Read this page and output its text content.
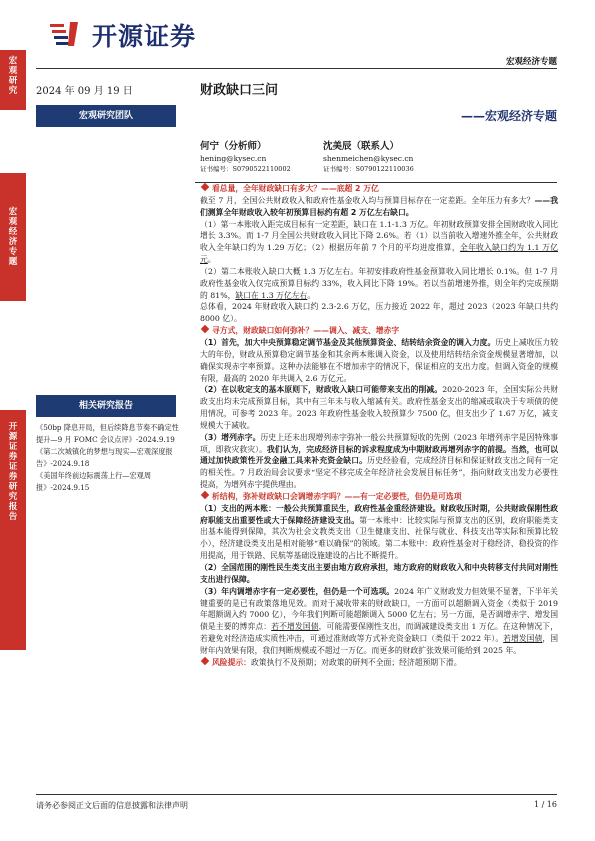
宏观研究
宏观经济专题
开源证券 证券研究报告
开源证券
宏观经济专题
2024 年 09 月 19 日	财政缺口三问
宏观研究团队	——宏观经济专题
何宁（分析师）
hening@kysec.cn
证书编号：S0790522110002
沈美辰（联系人）
shenmeichen@kysec.cn
证书编号：S0790122110036
相关研究报告
《50bp 降息开局，但后续降息节奏不确定性提升—9 月 FOMC 会议点评》-2024.9.19
《第二次城镇化的梦想与现实—宏观深度报告》-2024.9.18
《美国年终前边际震荡上行—宏观周报》-2024.9.15

看总量，全年财政缺口有多大？——底超 2 万亿

截至 7 月，全国公共财政收入和政府性基金收入均与预算目标存在一定差距。全年压力有多大？——我们测算全年财政收入较年初预算目标约有超 2 万亿左右缺口。

（1）第一本账收入距完成目标有一定差距，缺口在 1.1-1.3 万亿。年初财政预算安排全国财政收入同比增长 3.3%。而 1-7 月全国公共财政收入同比下降 2.6%。若（1）以当前收入增速外推全年，公共财政收入全年缺口约为 1.29 万亿；（2）根据历年前 7 个月的平均进度推算，全年收入缺口约为 1.1 万亿元。

（2）第二本账收入缺口大概 1.3 万亿左右。年初安排政府性基金预算收入同比增长 0.1%。但 1-7 月政府性基金收入仅完成预算目标约 33%，收入同比下降 19%。若以当前增速外推，则全年约完成预期的 81%，缺口在 1.3 万亿左右。

总体看，2024 年财政收入缺口约 2.3-2.6 万亿，压力接近 2022 年，超过 2023（2023 年缺口共约 8000 亿）。

寻方式，财政缺口如何弥补？——调入、减支、增赤字

（1）首先，加大中央预算稳定调节基金及其他预算资金、结转结余资金的调入力度。历史上减收压力较大的年份，财政从预算稳定调节基金和其余两本账调入资金，以及使用结转结余资金规模显著增加，以确保实现赤字率预算。这种办法能够在不增加赤字的情况下，保证相应的支出力度。但调入资金的规模有限，最高的 2020 年共调入 2.6 万亿元。

（2）在以收定支的基本原则下，财政收入缺口可能带来支出的削减。2020-2023 年，全国实际公共财政支出均未完成预算目标，其中有三年未与收入缩减有关。政府性基金支出的缩减或取决于专项债的使用情况，可参考 2023 年。2023 年政府性基金收入较预算少 7500 亿，但支出少了 1.67 万亿，减支规模大于减收。

（3）增列赤字。历史上还未出现增列赤字弥补一般公共预算短收的先例（2023 年增列赤字是因特殊事项，即救灾救灾）。我们认为，完成经济目标的诉求程度成为中期财政再增列赤字的前提。当然，也可以通过加快政策性开发金融工具来补充资金缺口。历史经验看，完成经济目标和保证财政支出之间有一定的相关性。7 月政治局会议要求“坚定不移完成全年经济社会发展目标任务”，指向财政支出发力必要性提高，为增列赤字提供理由。

析结构，弥补财政缺口会调增赤字吗？——有一定必要性，但仍是可选项

（1）支出的两本账：一般公共预算重民生，政府性基金重经济建设。财政收压时期，公共财政保刚性政府职能支出重要性或大于保障经济建设支出。第一本账中：比较实际与预算支出的区别，政府职能类支出基本能得到保障，其次为社会文教类支出（卫生健康支出、社保与就业、科技支出等实际和预算比较小），经济建设类支出是相对能够“难以确保”的领域。第二本账中：政府性基金对于稳经济、稳投资的作用提高，用于铁路、民航等基础设施建设的占比不断提升。

（2）全国范围的刚性民生类支出主要由地方政府承担，地方政府的财政收入和中央转移支付共同对刚性支出进行保障。

（3）年内调增赤字有一定必要性，但仍是一个可选项。2024 年广义财政发力但效果不显著，下半年关键重要的是已有政策落地见效。而对于减收带来的财政缺口，一方面可以超额调入资金（类似于 2019 年超额调入约 7000 亿），今年我们判断可能超额调入 5000 亿左右；另一方面，是否调增赤字、增发国债是主要的博弈点：若不增发国债，可能需要保刚性支出，而调减建设类支出 1 万亿。在这种情况下，若避免对经济造成实质性冲击，可通过准财政等方式补充资金缺口（类似于 2022 年）。若增发国债，国财年内效果有限，我们判断规模或不超过一万亿。而更多的财政扩张效果可能给到 2025 年。

风险提示：政策执行不及预期；对政策的研判不全面；经济超预期下滑。

请务必参阅正文后面的信息披露和法律声明	1 / 16
